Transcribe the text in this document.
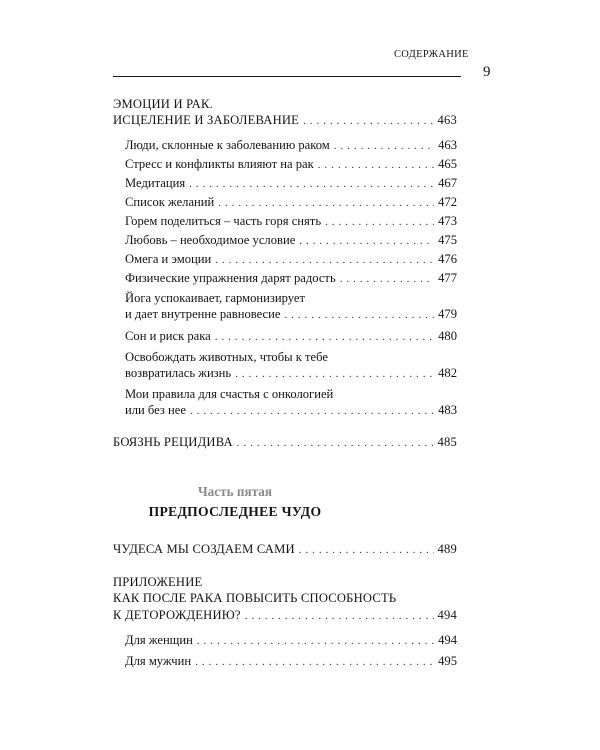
СОДЕРЖАНИЕ
9
ЭМОЦИИ И РАК.
ИСЦЕЛЕНИЕ И ЗАБОЛЕВАНИЕ . . .	463
Люди, склонные к заболеванию раком . . .	463
Стресс и конфликты влияют на рак . . .	465
Медитация . . .	467
Список желаний . . .	472
Горем поделиться – часть горя снять . . .	473
Любовь – необходимое условие . . .	475
Омега и эмоции . . .	476
Физические упражнения дарят радость . . .	477
Йога успокаивает, гармонизирует
и дает внутренне равновесие . . .	479
Сон и риск рака . . .	480
Освобождать животных, чтобы к тебе
возвратилась жизнь . . .	482
Мои правила для счастья с онкологией
или без нее . . .	483
БОЯЗНЬ РЕЦИДИВА . . .	485
ЧУДЕСА МЫ СОЗДАЕМ САМИ . . .	489
ПРИЛОЖЕНИЕ
КАК ПОСЛЕ РАКА ПОВЫСИТЬ СПОСОБНОСТЬ
К ДЕТОРОЖДЕНИЮ? . . .	494
Для женщин . . .	494
Для мужчин . . .	495
Часть пятая
ПРЕДПОСЛЕДНЕЕ ЧУДО
